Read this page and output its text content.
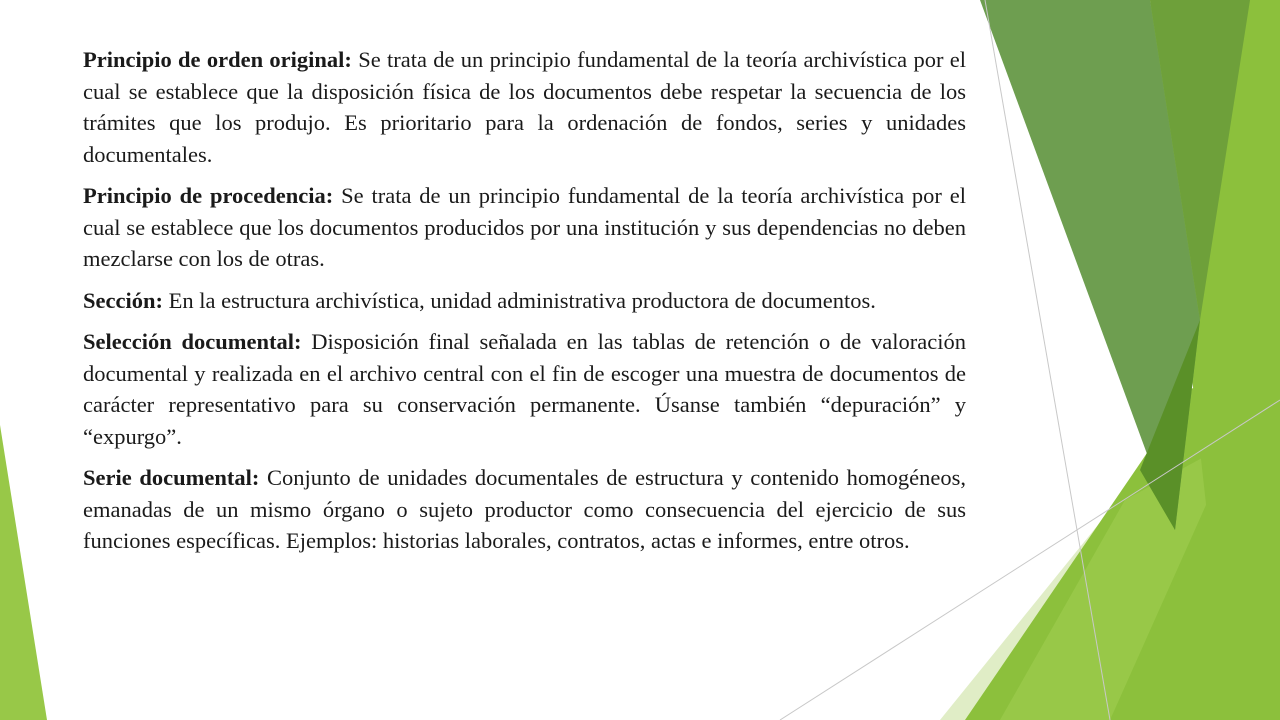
Principio de orden original: Se trata de un principio fundamental de la teoría archivística por el cual se establece que la disposición física de los documentos debe respetar la secuencia de los trámites que los produjo. Es prioritario para la ordenación de fondos, series y unidades documentales.

Principio de procedencia: Se trata de un principio fundamental de la teoría archivística por el cual se establece que los documentos producidos por una institución y sus dependencias no deben mezclarse con los de otras.

Sección: En la estructura archivística, unidad administrativa productora de documentos.

Selección documental: Disposición final señalada en las tablas de retención o de valoración documental y realizada en el archivo central con el fin de escoger una muestra de documentos de carácter representativo para su conservación permanente. Úsanse también “depuración” y “expurgo”.

Serie documental: Conjunto de unidades documentales de estructura y contenido homogéneos, emanadas de un mismo órgano o sujeto productor como consecuencia del ejercicio de sus funciones específicas. Ejemplos: historias laborales, contratos, actas e informes, entre otros.
